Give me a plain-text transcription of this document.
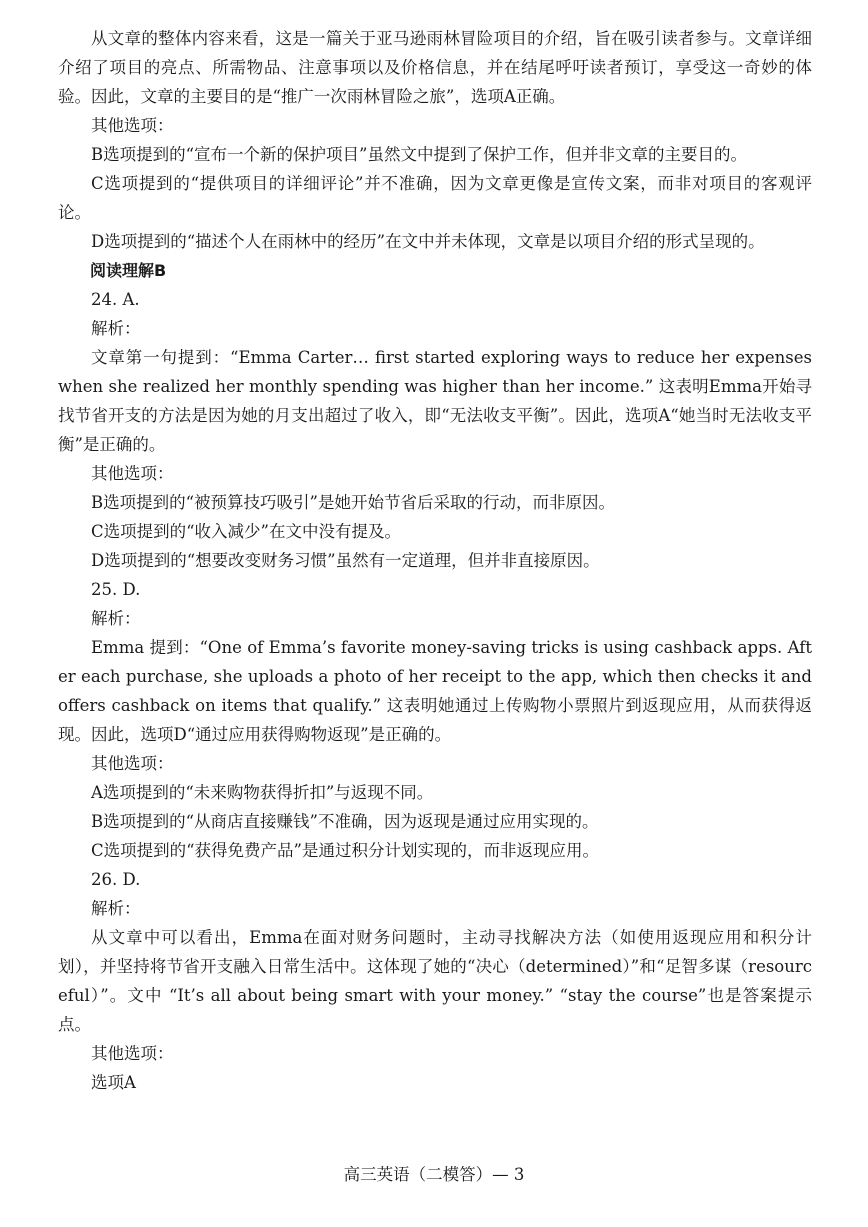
从文章的整体内容来看，这是一篇关于亚马逊雨林冒险项目的介绍，旨在吸引读者参与。文章详细介绍了项目的亮点、所需物品、注意事项以及价格信息，并在结尾呼吁读者预订，享受这一奇妙的体验。因此，文章的主要目的是“推广一次雨林冒险之旅”，选项A正确。

其他选项：

B选项提到的“宣布一个新的保护项目”虽然文中提到了保护工作，但并非文章的主要目的。

C选项提到的“提供项目的详细评论”并不准确，因为文章更像是宣传文案，而非对项目的客观评论。

D选项提到的“描述个人在雨林中的经历”在文中并未体现，文章是以项目介绍的形式呈现的。

阅读理解B

24. A.

解析：

文章第一句提到：“Emma Carter… first started exploring ways to reduce her expenses when she realized her monthly spending was higher than her income.” 这表明Emma开始寻找节省开支的方法是因为她的月支出超过了收入，即“无法收支平衡”。因此，选项A“她当时无法收支平衡”是正确的。

其他选项：

B选项提到的“被预算技巧吸引”是她开始节省后采取的行动，而非原因。

C选项提到的“收入减少”在文中没有提及。

D选项提到的“想要改变财务习惯”虽然有一定道理，但并非直接原因。

25. D.

解析：

Emma 提到：“One of Emma’s favorite money-saving tricks is using cashback apps. After each purchase, she uploads a photo of her receipt to the app, which then checks it and offers cashback on items that qualify.” 这表明她通过上传购物小票照片到返现应用，从而获得返现。因此，选项D“通过应用获得购物返现”是正确的。

其他选项：

A选项提到的“未来购物获得折扣”与返现不同。

B选项提到的“从商店直接赚钱”不准确，因为返现是通过应用实现的。

C选项提到的“获得免费产品”是通过积分计划实现的，而非返现应用。

26. D.

解析：

从文章中可以看出，Emma在面对财务问题时，主动寻找解决方法（如使用返现应用和积分计划），并坚持将节省开支融入日常生活中。这体现了她的“决心（determined）”和“足智多谋（resourceful）”。文中 “It’s all about being smart with your money.” “stay the course”也是答案提示点。

其他选项：

选项A

高三英语（二模答）— 3
